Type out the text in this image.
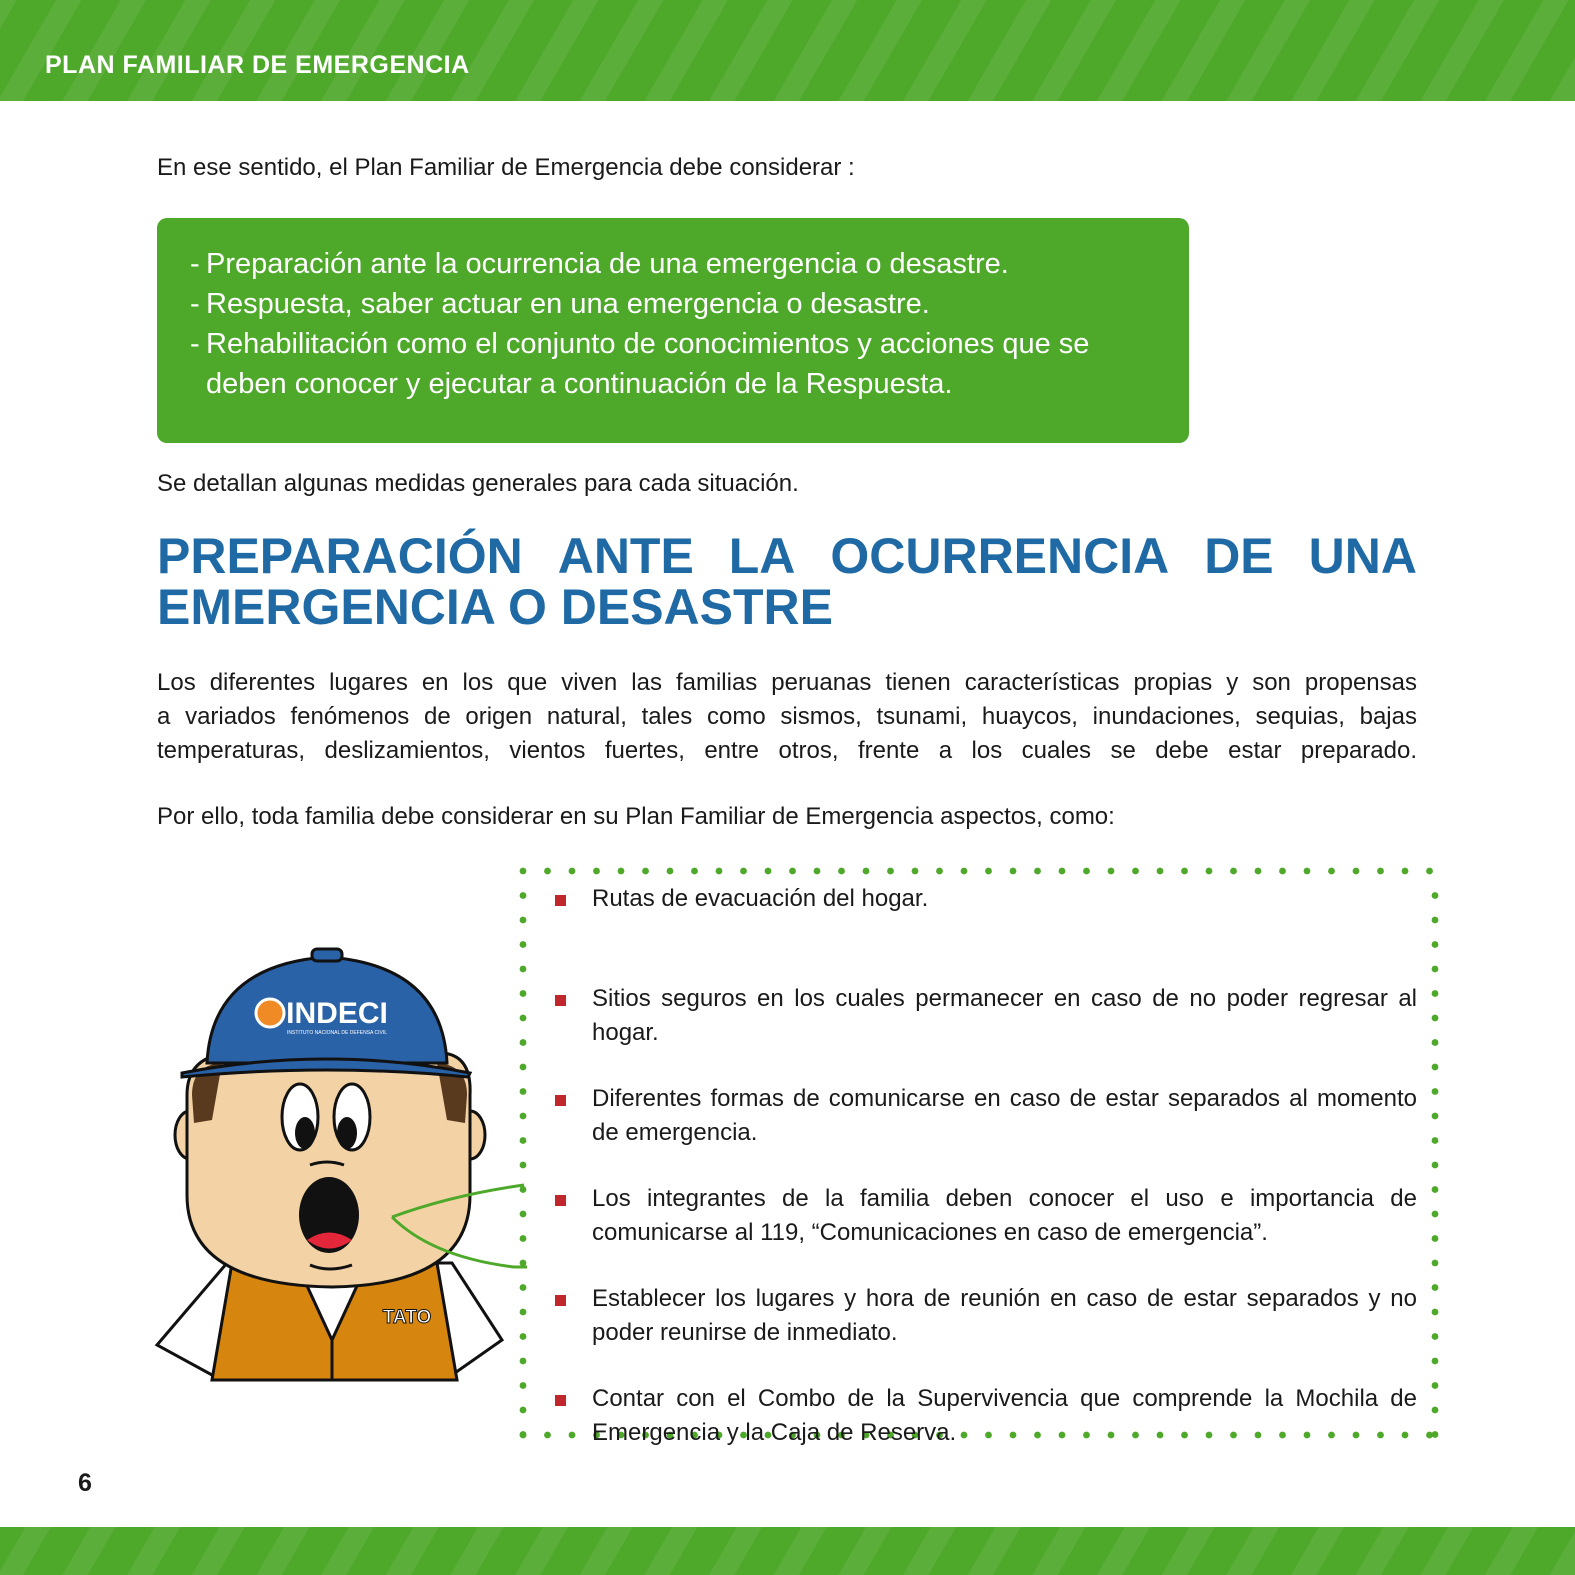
PLAN FAMILIAR DE EMERGENCIA

En ese sentido, el Plan Familiar de Emergencia debe considerar :

- Preparación ante la ocurrencia de una emergencia o desastre.
- Respuesta, saber actuar en una emergencia o desastre.
- Rehabilitación como el conjunto de conocimientos y acciones que se
deben conocer y ejecutar a continuación de la Respuesta.

Se detallan algunas medidas generales para cada situación.

PREPARACIÓN ANTE LA OCURRENCIA DE UNA
EMERGENCIA O DESASTRE

Los diferentes lugares en los que viven las familias peruanas tienen características propias y son propensas
a variados fenómenos de origen natural, tales como sismos, tsunami, huaycos, inundaciones, sequias, bajas
temperaturas, deslizamientos, vientos fuertes, entre otros, frente a los cuales se debe estar preparado.

Por ello, toda familia debe considerar en su Plan Familiar de Emergencia aspectos, como:

TATO
INDECI
INSTITUTO NACIONAL DE DEFENSA CIVIL
Rutas de evacuación del hogar.
Sitios seguros en los cuales permanecer en caso de no poder regresar al hogar.
Diferentes formas de comunicarse en caso de estar separados al momento de emergencia.
Los integrantes de la familia deben conocer el uso e importancia de comunicarse al 119, “Comunicaciones en caso de emergencia”.
Establecer los lugares y hora de reunión en caso de estar separados y no poder reunirse de inmediato.
Contar con el Combo de la Supervivencia que comprende la Mochila de Emergencia y la Caja de Reserva.

6
